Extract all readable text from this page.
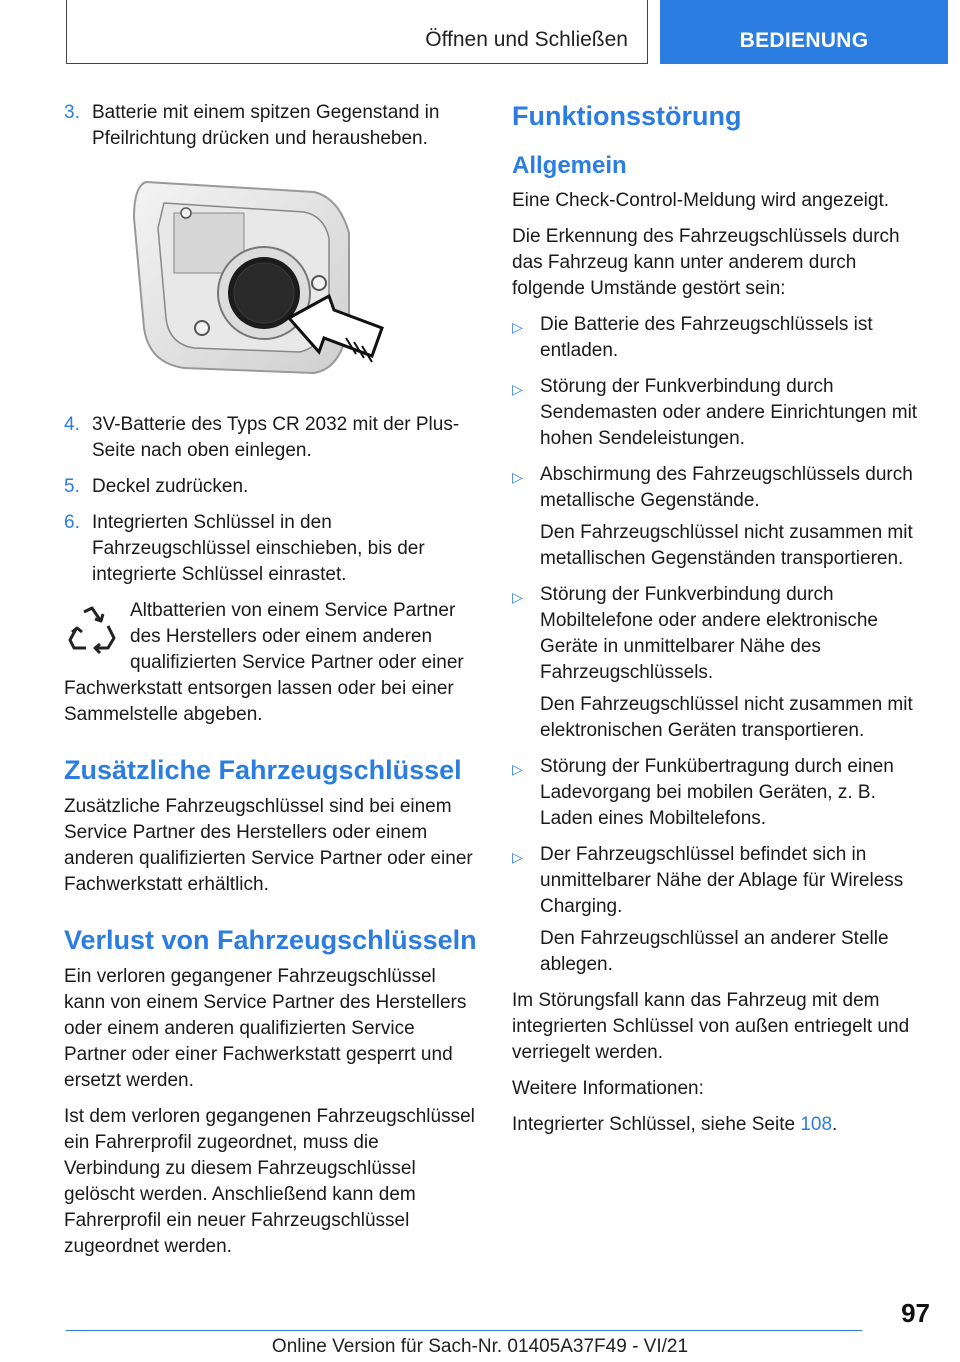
Öffnen und Schließen	BEDIENUNG
3. Batterie mit einem spitzen Gegenstand in Pfeilrichtung drücken und herausheben.
4. 3V-Batterie des Typs CR 2032 mit der Plus-Seite nach oben einlegen.
5. Deckel zudrücken.
6. Integrierten Schlüssel in den Fahrzeugschlüssel einschieben, bis der integrierte Schlüssel einrastet.
Altbatterien von einem Service Partner des Herstellers oder einem anderen qualifizierten Service Partner oder einer Fachwerkstatt entsorgen lassen oder bei einer Sammelstelle abgeben.
Zusätzliche Fahrzeugschlüssel

Zusätzliche Fahrzeugschlüssel sind bei einem Service Partner des Herstellers oder einem anderen qualifizierten Service Partner oder einer Fachwerkstatt erhältlich.

Verlust von Fahrzeugschlüsseln

Ein verloren gegangener Fahrzeugschlüssel kann von einem Service Partner des Herstellers oder einem anderen qualifizierten Service Partner oder einer Fachwerkstatt gesperrt und ersetzt werden.

Ist dem verloren gegangenen Fahrzeugschlüssel ein Fahrerprofil zugeordnet, muss die Verbindung zu diesem Fahrzeugschlüssel gelöscht werden. Anschließend kann dem Fahrerprofil ein neuer Fahrzeugschlüssel zugeordnet werden.

Funktionsstörung
Allgemein

Eine Check-Control-Meldung wird angezeigt.

Die Erkennung des Fahrzeugschlüssels durch das Fahrzeug kann unter anderem durch folgende Umstände gestört sein:

▷ Die Batterie des Fahrzeugschlüssels ist entladen.
▷ Störung der Funkverbindung durch Sendemasten oder andere Einrichtungen mit hohen Sendeleistungen.
▷ Abschirmung des Fahrzeugschlüssels durch metallische Gegenstände.
Den Fahrzeugschlüssel nicht zusammen mit metallischen Gegenständen transportieren.
▷ Störung der Funkverbindung durch Mobiltelefone oder andere elektronische Geräte in unmittelbarer Nähe des Fahrzeugschlüssels.
Den Fahrzeugschlüssel nicht zusammen mit elektronischen Geräten transportieren.
▷ Störung der Funkübertragung durch einen Ladevorgang bei mobilen Geräten, z. B. Laden eines Mobiltelefons.
▷ Der Fahrzeugschlüssel befindet sich in unmittelbarer Nähe der Ablage für Wireless Charging.
Den Fahrzeugschlüssel an anderer Stelle ablegen.

Im Störungsfall kann das Fahrzeug mit dem integrierten Schlüssel von außen entriegelt und verriegelt werden.

Weitere Informationen:

Integrierter Schlüssel, siehe Seite 108.

97
Online Version für Sach-Nr. 01405A37F49 - VI/21
